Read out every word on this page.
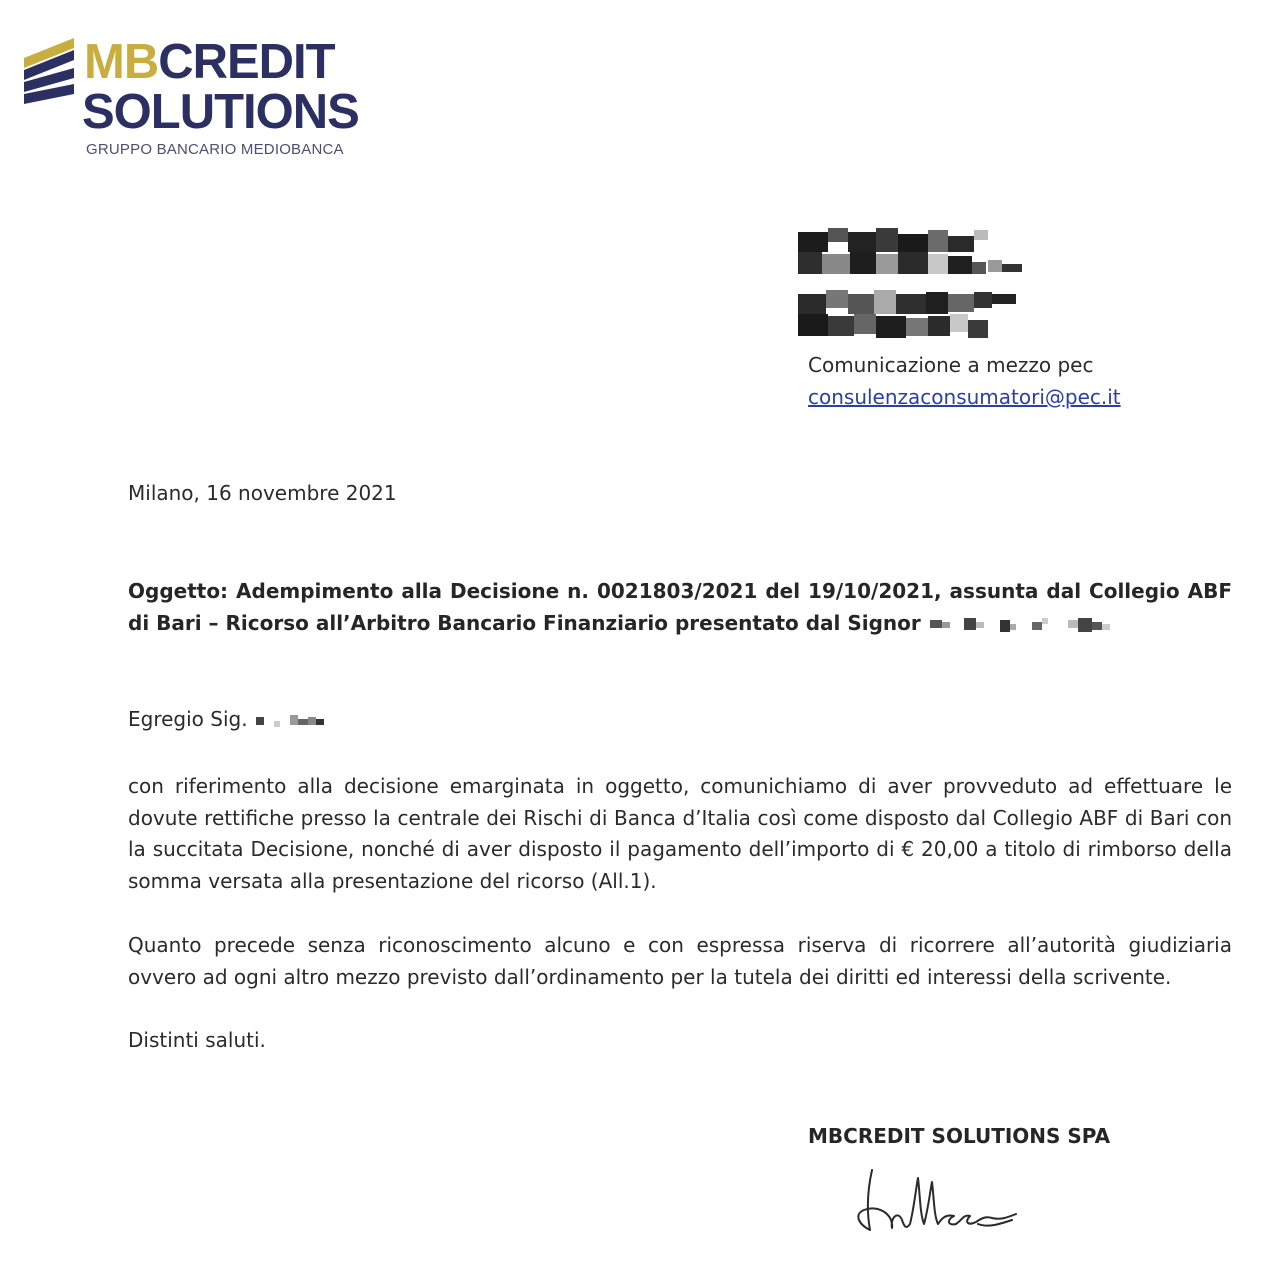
MBCREDIT
SOLUTIONS
GRUPPO BANCARIO MEDIOBANCA
Comunicazione a mezzo pec
consulenzaconsumatori@pec.it
Milano, 16 novembre 2021
Oggetto: Adempimento alla Decisione n. 0021803/2021 del 19/10/2021, assunta dal Collegio ABF di Bari – Ricorso all’Arbitro Bancario Finanziario presentato dal Signor
Egregio Sig.
con riferimento alla decisione emarginata in oggetto, comunichiamo di aver provveduto ad effettuare le dovute rettifiche presso la centrale dei Rischi di Banca d’Italia così come disposto dal Collegio ABF di Bari con la succitata Decisione, nonché di aver disposto il pagamento dell’importo di € 20,00 a titolo di rimborso della somma versata alla presentazione del ricorso (All.1).
Quanto precede senza riconoscimento alcuno e con espressa riserva di ricorrere all’autorità giudiziaria ovvero ad ogni altro mezzo previsto dall’ordinamento per la tutela dei diritti ed interessi della scrivente.
Distinti saluti.
MBCREDIT SOLUTIONS SPA
